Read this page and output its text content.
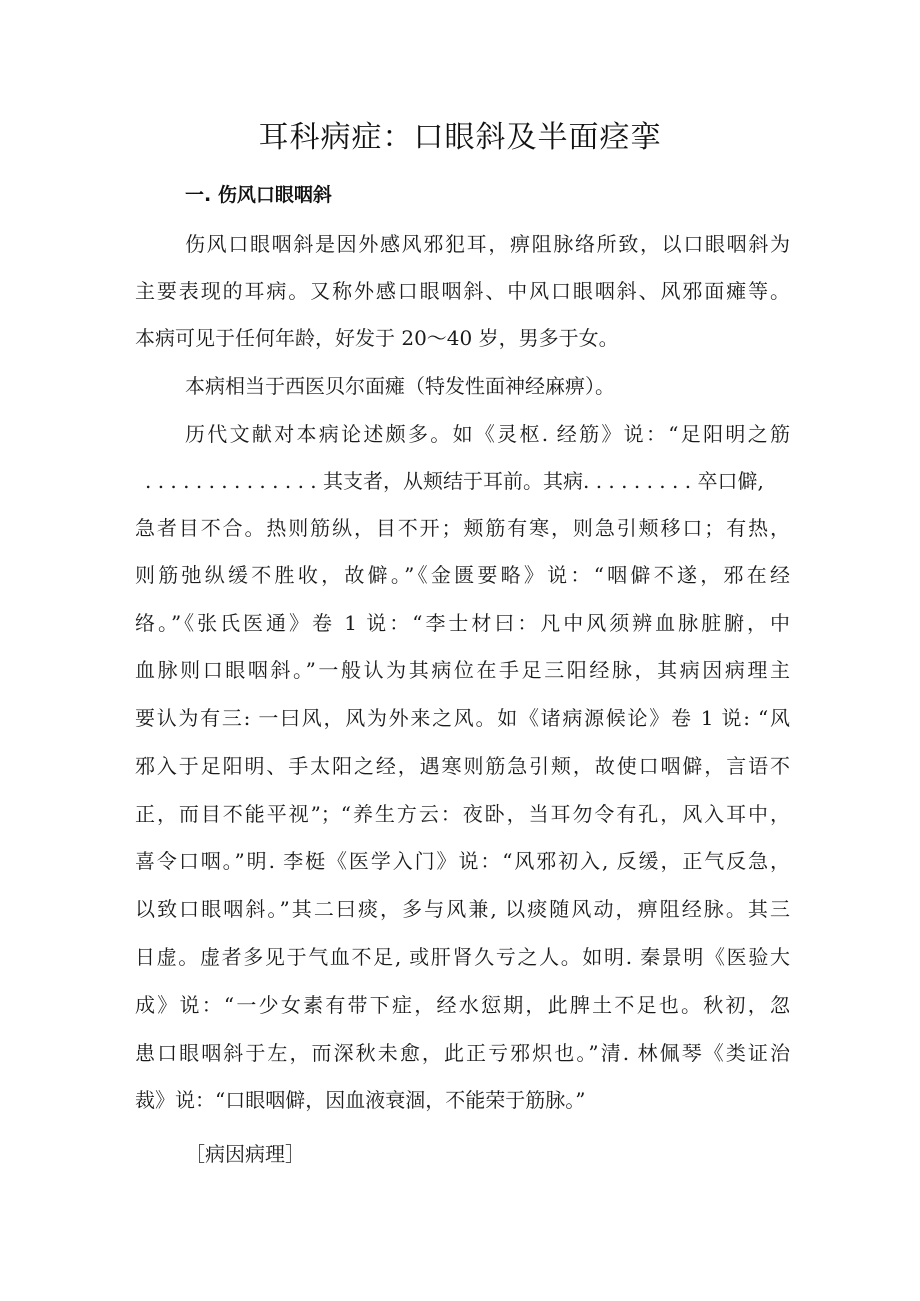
耳科病症：口眼斜及半面痉挛
一. 伤风口眼咽斜
伤风口眼咽斜是因外感风邪犯耳，痹阻脉络所致，以口眼咽斜为
主要表现的耳病。又称外感口眼咽斜、中风口眼咽斜、风邪面瘫等。
本病可见于任何年龄，好发于 20～40 岁，男多于女。
本病相当于西医贝尔面瘫（特发性面神经麻痹）。
历代文献对本病论述颇多。如《灵枢. 经筋》说：“足阳明之筋
. . . . . . . . . . . . . . 其支者，从颊结于耳前。其病. . . . . . . . . 卒口僻,
急者目不合。热则筋纵，目不开；颊筋有寒，则急引颊移口；有热，
则筋弛纵缓不胜收，故僻。”《金匮要略》说：“咽僻不遂，邪在经
络。”《张氏医通》卷 1 说：“李士材曰：凡中风须辨血脉脏腑，中
血脉则口眼咽斜。”一般认为其病位在手足三阳经脉，其病因病理主
要认为有三: 一曰风，风为外来之风。如《诸病源候论》卷 1 说: “风
邪入于足阳明、手太阳之经，遇寒则筋急引颊，故使口咽僻，言语不
正，而目不能平视”；“养生方云：夜卧，当耳勿令有孔，风入耳中，
喜令口咽。”明. 李梃《医学入门》说：“风邪初入, 反缓，正气反急，
以致口眼咽斜。”其二曰痰，多与风兼, 以痰随风动，痹阻经脉。其三
日虚。虚者多见于气血不足, 或肝肾久亏之人。如明. 秦景明《医验大
成》说：“一少女素有带下症，经水愆期，此脾土不足也。秋初，忽
患口眼咽斜于左，而深秋未愈，此正亏邪炽也。”清. 林佩琴《类证治
裁》说：“口眼咽僻，因血液衰涸，不能荣于筋脉。”
［病因病理］
